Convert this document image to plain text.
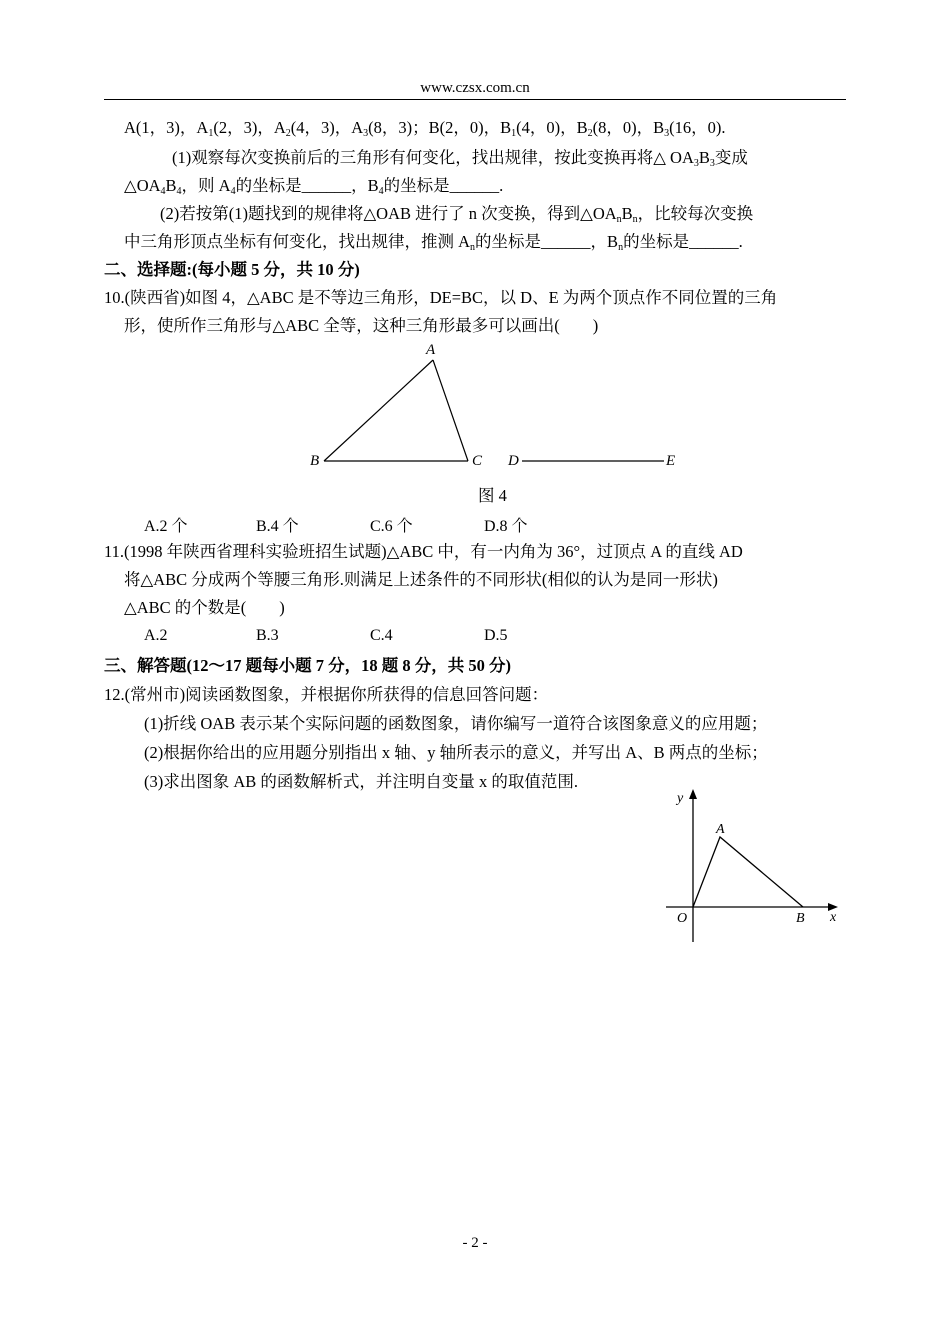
www.czsx.com.cn
A(1，3)，$A_1(2$，3)，$A_2(4$，3)，$A_3(8$，3)；B(2，0)，$B_1(4$，0)，$B_2(8$，0)，$B_3(16$，0).
(1)观察每次变换前后的三角形有何变化，找出规律，按此变换再将△ $OA_3B_3$变成
$\triangle OA_4B_4$，则 $A_4$的坐标是______，$B_4$的坐标是______.
(2)若按第(1)题找到的规律将△OAB 进行了 n 次变换，得到$\triangle OA_nB_n$，比较每次变换
中三角形顶点坐标有何变化，找出规律，推测 $A_n$的坐标是______，$B_n$的坐标是______.
二、选择题:(每小题 5 分，共 10 分)
10.(陕西省)如图 4，△ABC 是不等边三角形，DE=BC，以 D、E 为两个顶点作不同位置的三角
形，使所作三角形与△ABC 全等，这种三角形最多可以画出(　　)
A
B	C D	E
图 4
A.2 个	B.4 个	C.6 个	D.8 个
11.(1998 年陕西省理科实验班招生试题)△ABC 中，有一内角为 36°，过顶点 A 的直线 AD
将△ABC 分成两个等腰三角形.则满足上述条件的不同形状(相似的认为是同一形状)
△ABC 的个数是(　　)
A.2	B.3	C.4	D.5
三、解答题(12～17 题每小题 7 分，18 题 8 分，共 50 分)
12.(常州市)阅读函数图象，并根据你所获得的信息回答问题：
(1)折线 OAB 表示某个实际问题的函数图象，请你编写一道符合该图象意义的应用题；
(2)根据你给出的应用题分别指出 x 轴、y 轴所表示的意义，并写出 A、B 两点的坐标；
(3)求出图象 AB 的函数解析式，并注明自变量 x 的取值范围.
y
x
O
A
B
- 2 -
